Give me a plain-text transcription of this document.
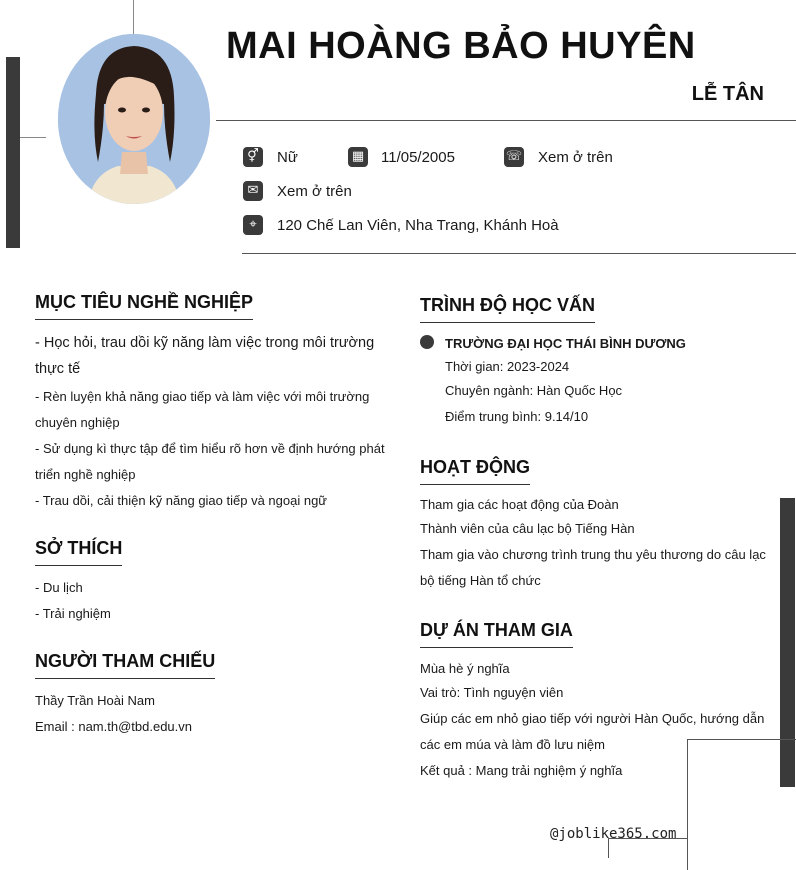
MAI HOÀNG BẢO HUYÊN
LỄ TÂN
⚥ Nữ	▦ 11/05/2005	☏ Xem ở trên
✉	Xem ở trên
⌖	120 Chế Lan Viên, Nha Trang, Khánh Hoà
MỤC TIÊU NGHỀ NGHIỆP
- Học hỏi, trau dồi kỹ năng làm việc trong môi trường
thực tế
- Rèn luyện khả năng giao tiếp và làm việc với môi trường
chuyên nghiệp
- Sử dụng kì thực tập để tìm hiểu rõ hơn về định hướng phát
triển nghề nghiệp
- Trau dồi, cải thiện kỹ năng giao tiếp và ngoại ngữ
SỞ THÍCH
- Du lịch
- Trải nghiệm
NGƯỜI THAM CHIẾU
Thầy Trần Hoài Nam
Email : nam.th@tbd.edu.vn
TRÌNH ĐỘ HỌC VẤN
TRƯỜNG ĐẠI HỌC THÁI BÌNH DƯƠNG
Thời gian: 2023-2024
Chuyên ngành: Hàn Quốc Học
Điểm trung bình: 9.14/10
HOẠT ĐỘNG
Tham gia các hoạt động của Đoàn
Thành viên của câu lạc bộ Tiếng Hàn
Tham gia vào chương trình trung thu yêu thương do câu lạc
bộ tiếng Hàn tổ chức
DỰ ÁN THAM GIA
Mùa hè ý nghĩa
Vai trò: Tình nguyện viên
Giúp các em nhỏ giao tiếp với người Hàn Quốc, hướng dẫn
các em múa và làm đồ lưu niệm
Kết quả : Mang trải nghiệm ý nghĩa
@joblike365.com
